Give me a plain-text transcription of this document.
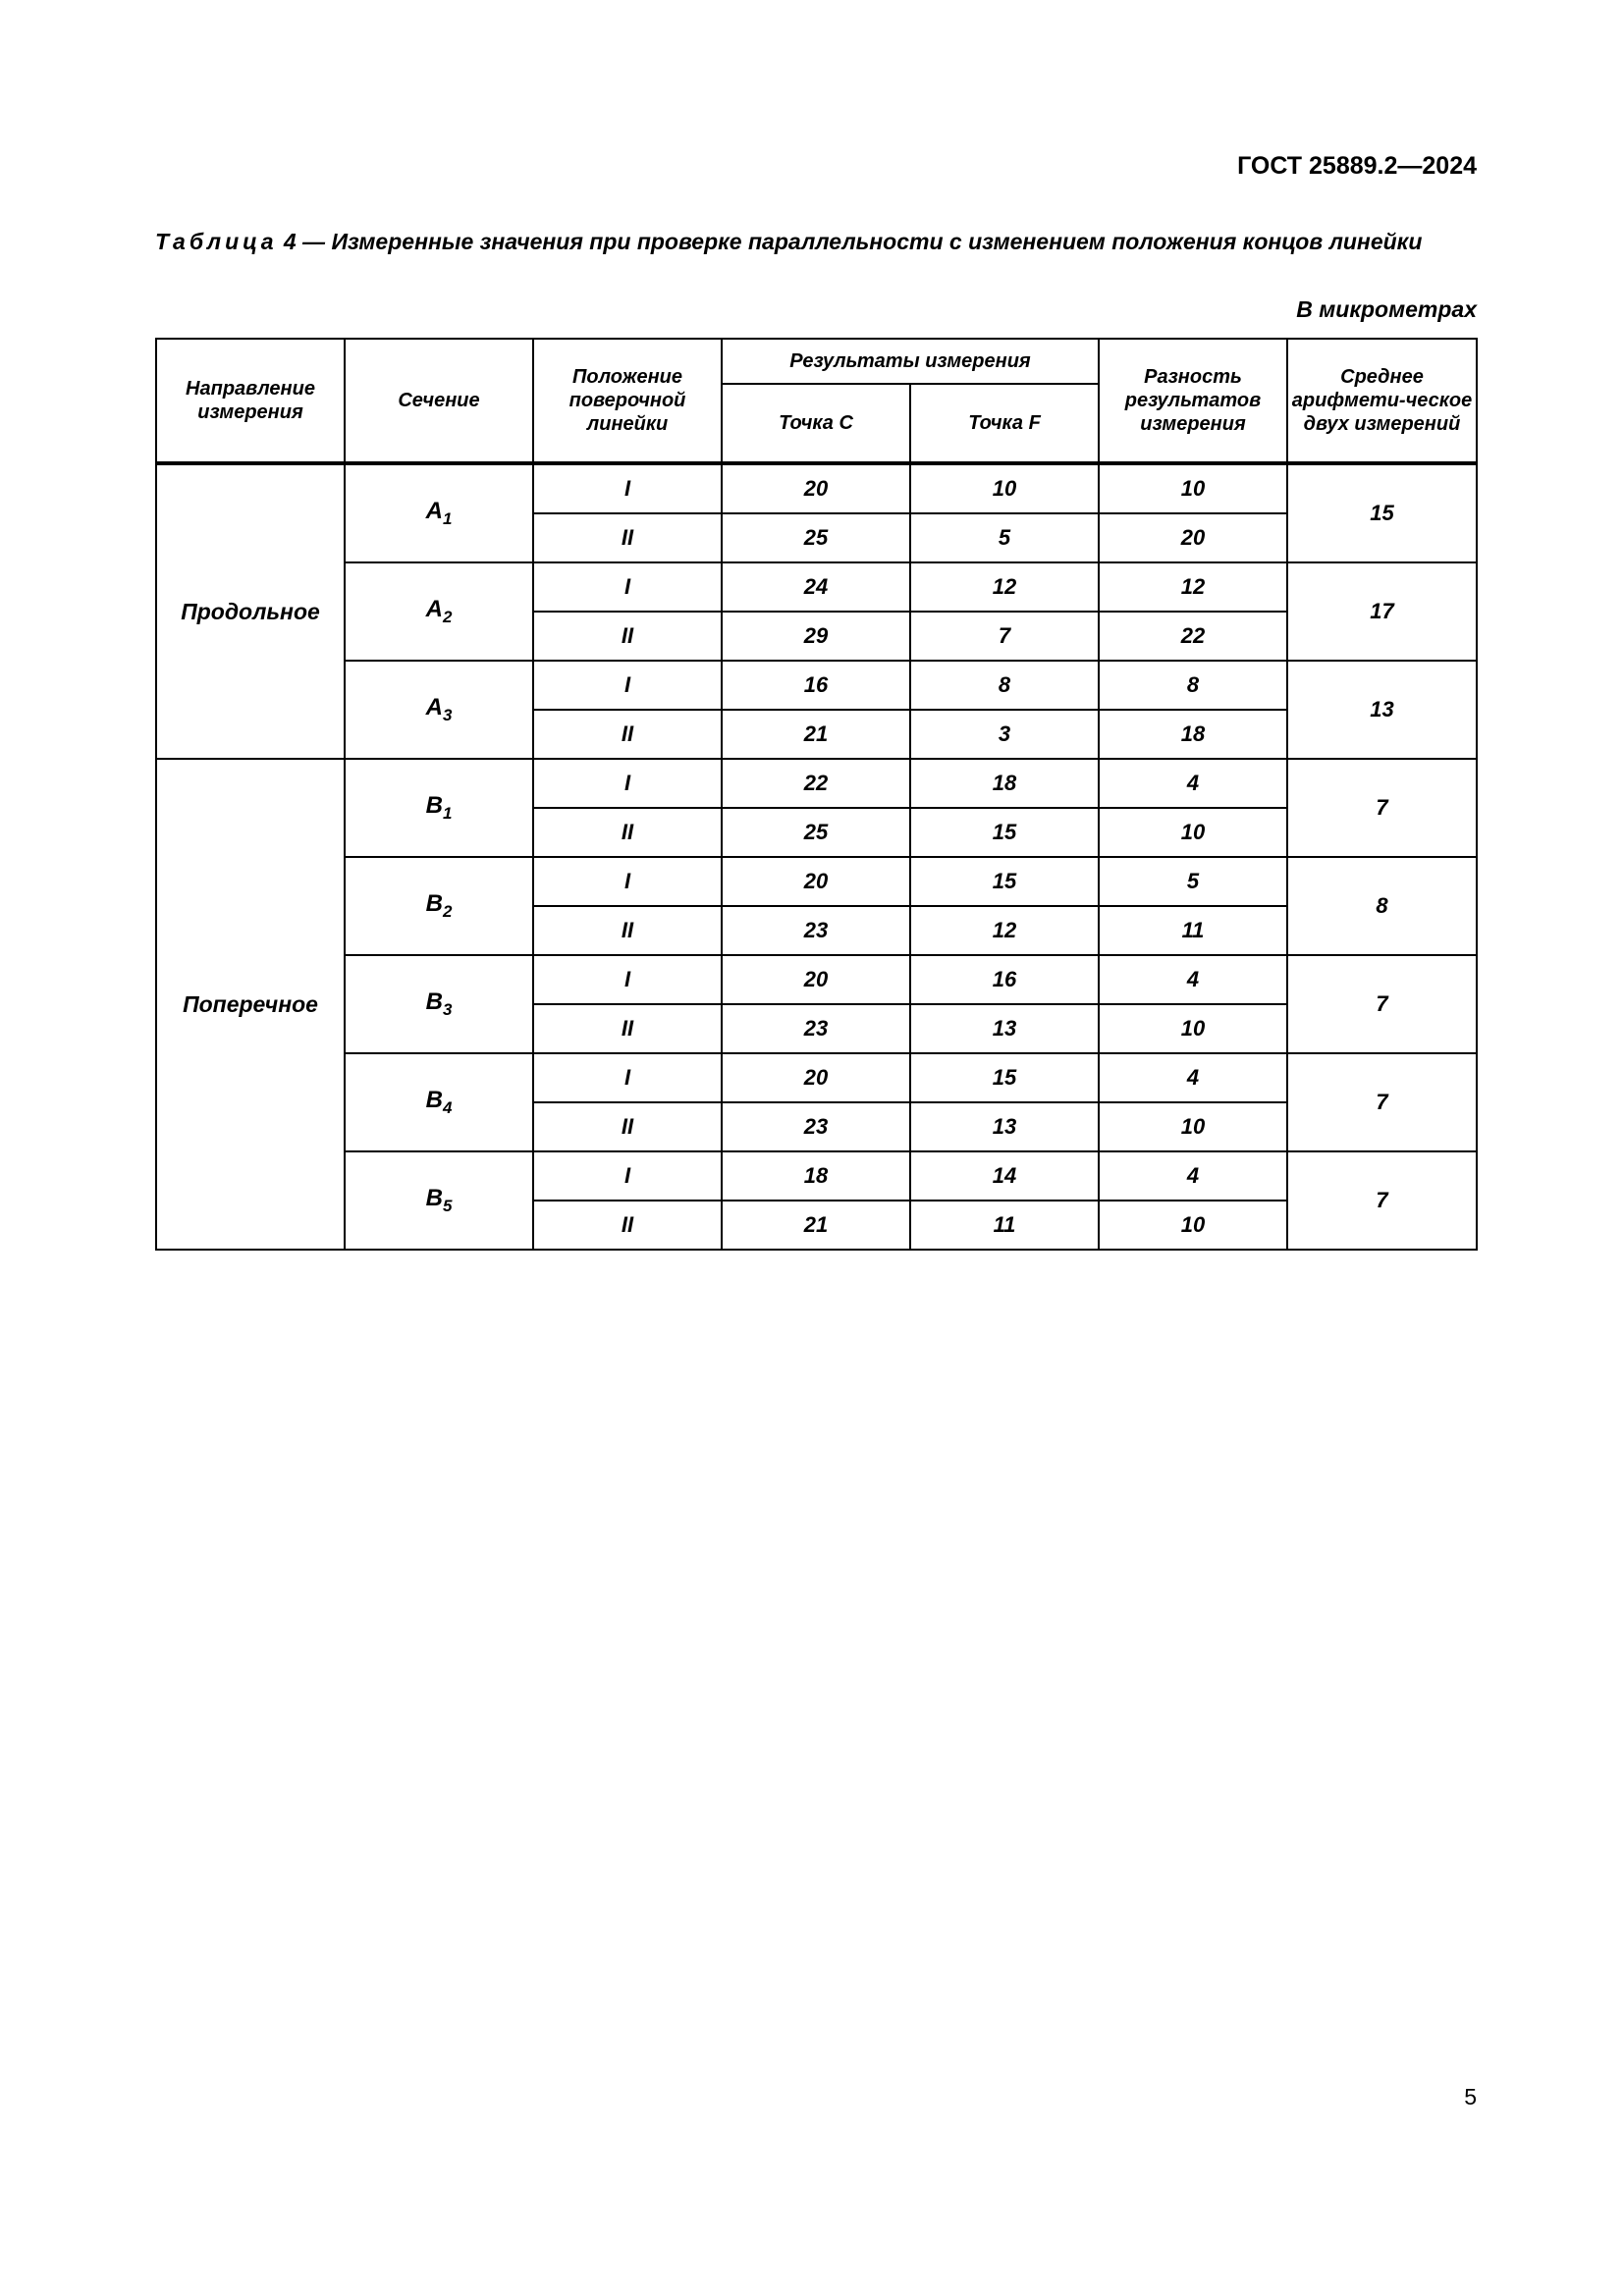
ГОСТ 25889.2—2024
Таблица 4 — Измеренные значения при проверке параллельности с изменением положения концов линейки
В микрометрах
Направление измерения	Сечение	Положение поверочной линейки	Результаты измерения		Разность результатов измерения	Среднее арифмети-ческое двух измерений
			Точка C	Точка F		
Продольное	$A_1$	I	20	10	10	15
		II	25	5	20	
	$A_2$	I	24	12	12	17
		II	29	7	22	
	$A_3$	I	16	8	8	13
		II	21	3	18	
Поперечное	$B_1$	I	22	18	4	7
		II	25	15	10	
	$B_2$	I	20	15	5	8
		II	23	12	11	
	$B_3$	I	20	16	4	7
		II	23	13	10	
	$B_4$	I	20	15	4	7
		II	23	13	10	
	$B_5$	I	18	14	4	7
		II	21	11	10	
5
